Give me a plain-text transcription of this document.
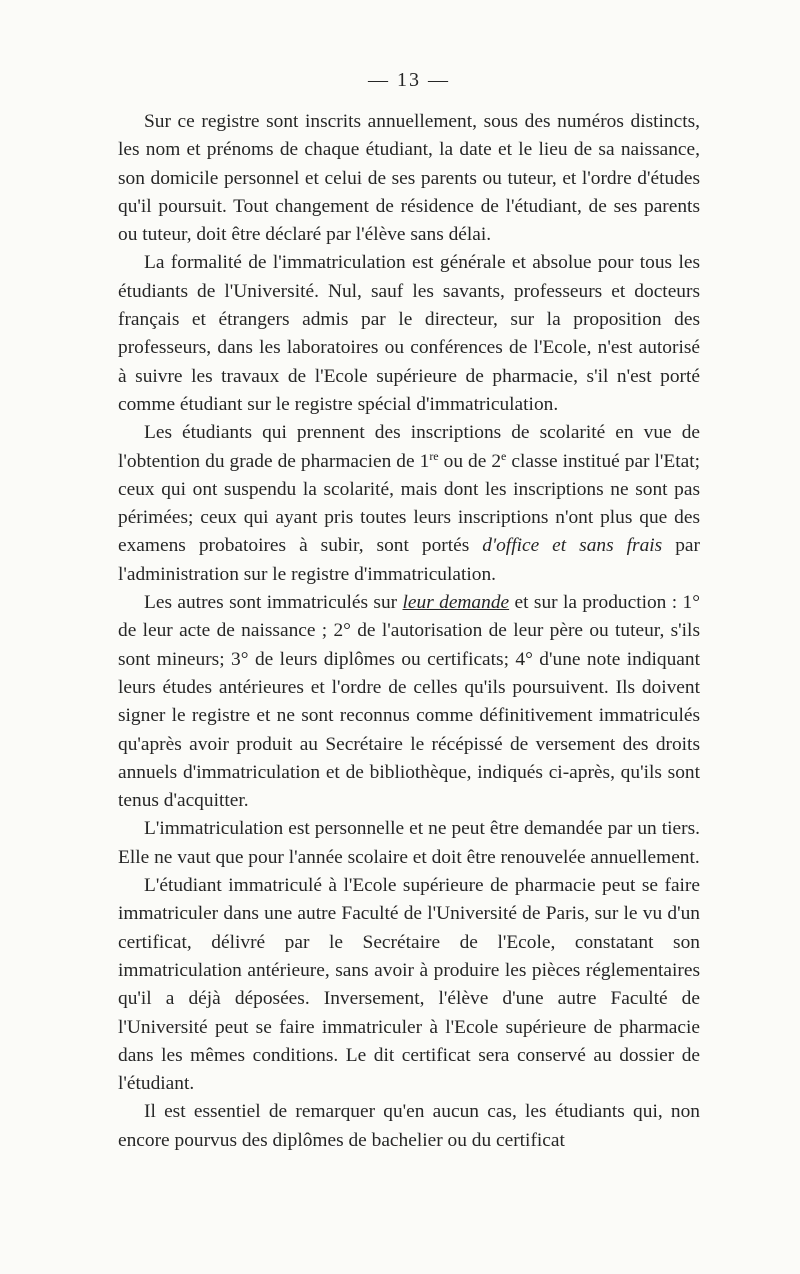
— 13 —

Sur ce registre sont inscrits annuellement, sous des numéros distincts, les nom et prénoms de chaque étudiant, la date et le lieu de sa naissance, son domicile personnel et celui de ses parents ou tuteur, et l'ordre d'études qu'il poursuit. Tout changement de résidence de l'étudiant, de ses parents ou tuteur, doit être déclaré par l'élève sans délai.

La formalité de l'immatriculation est générale et absolue pour tous les étudiants de l'Université. Nul, sauf les savants, professeurs et docteurs français et étrangers admis par le directeur, sur la proposition des professeurs, dans les laboratoires ou conférences de l'Ecole, n'est autorisé à suivre les travaux de l'Ecole supérieure de pharmacie, s'il n'est porté comme étudiant sur le registre spécial d'immatriculation.

Les étudiants qui prennent des inscriptions de scolarité en vue de l'obtention du grade de pharmacien de 1re ou de 2e classe institué par l'Etat; ceux qui ont suspendu la scolarité, mais dont les inscriptions ne sont pas périmées; ceux qui ayant pris toutes leurs inscriptions n'ont plus que des examens probatoires à subir, sont portés d'office et sans frais par l'administration sur le registre d'immatriculation.

Les autres sont immatriculés sur leur demande et sur la production : 1° de leur acte de naissance ; 2° de l'autorisation de leur père ou tuteur, s'ils sont mineurs; 3° de leurs diplômes ou certificats; 4° d'une note indiquant leurs études antérieures et l'ordre de celles qu'ils poursuivent. Ils doivent signer le registre et ne sont reconnus comme définitivement immatriculés qu'après avoir produit au Secrétaire le récépissé de versement des droits annuels d'immatriculation et de bibliothèque, indiqués ci-après, qu'ils sont tenus d'acquitter.

L'immatriculation est personnelle et ne peut être demandée par un tiers. Elle ne vaut que pour l'année scolaire et doit être renouvelée annuellement.

L'étudiant immatriculé à l'Ecole supérieure de pharmacie peut se faire immatriculer dans une autre Faculté de l'Université de Paris, sur le vu d'un certificat, délivré par le Secrétaire de l'Ecole, constatant son immatriculation antérieure, sans avoir à produire les pièces réglementaires qu'il a déjà déposées. Inversement, l'élève d'une autre Faculté de l'Université peut se faire immatriculer à l'Ecole supérieure de pharmacie dans les mêmes conditions. Le dit certificat sera conservé au dossier de l'étudiant.

Il est essentiel de remarquer qu'en aucun cas, les étudiants qui, non encore pourvus des diplômes de bachelier ou du certificat
